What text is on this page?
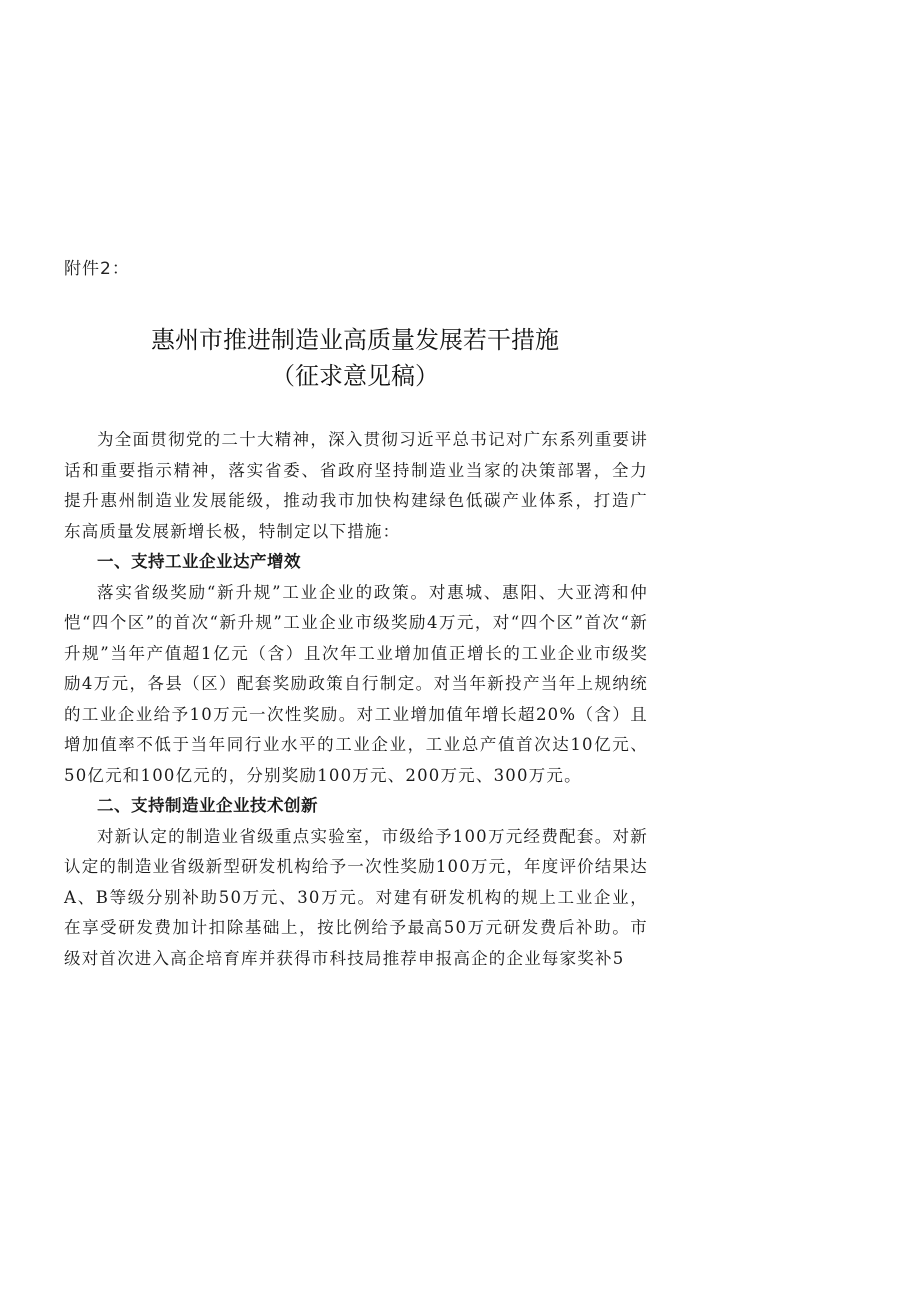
附件2：
惠州市推进制造业高质量发展若干措施
（征求意见稿）

为全面贯彻党的二十大精神，深入贯彻习近平总书记对广东系列重要讲话和重要指示精神，落实省委、省政府坚持制造业当家的决策部署，全力提升惠州制造业发展能级，推动我市加快构建绿色低碳产业体系，打造广东高质量发展新增长极，特制定以下措施：

一、支持工业企业达产增效

落实省级奖励“新升规”工业企业的政策。对惠城、惠阳、大亚湾和仲恺“四个区”的首次“新升规”工业企业市级奖励4万元，对“四个区”首次“新升规”当年产值超1亿元（含）且次年工业增加值正增长的工业企业市级奖励4万元，各县（区）配套奖励政策自行制定。对当年新投产当年上规纳统的工业企业给予10万元一次性奖励。对工业增加值年增长超20%（含）且增加值率不低于当年同行业水平的工业企业，工业总产值首次达10亿元、50亿元和100亿元的，分别奖励100万元、200万元、300万元。

二、支持制造业企业技术创新

对新认定的制造业省级重点实验室，市级给予100万元经费配套。对新认定的制造业省级新型研发机构给予一次性奖励100万元，年度评价结果达A、B等级分别补助50万元、30万元。对建有研发机构的规上工业企业，在享受研发费加计扣除基础上，按比例给予最高50万元研发费后补助。市级对首次进入高企培育库并获得市科技局推荐申报高企的企业每家奖补5
